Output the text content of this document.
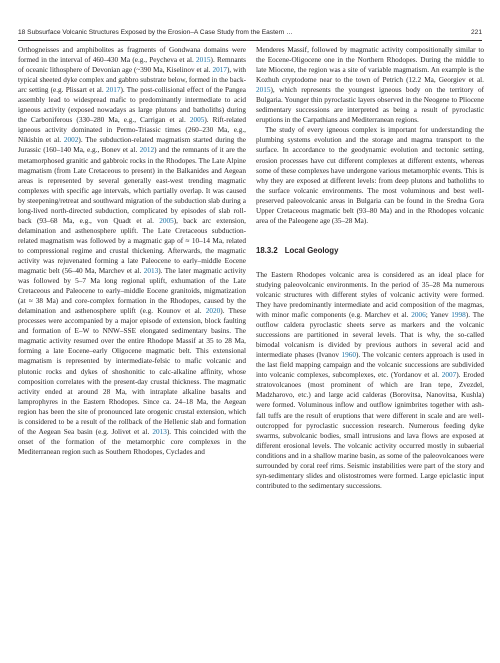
18 Subsurface Volcanic Structures Exposed by the Erosion–A Case Study from the Eastern …	221

Orthogneisses and amphibolites as fragments of Gondwana domains were formed in the interval of 460–430 Ma (e.g., Peycheva et al. 2015). Remnants of oceanic lithosphere of Devonian age (~390 Ma, Kiselinov et al. 2017), with typical sheeted dyke complex and gabbro substrate below, formed in the back-arc setting (e.g. Plissart et al. 2017). The post-collisional effect of the Pangea assembly lead to widespread mafic to predominantly intermediate to acid igneous activity (exposed nowadays as large plutons and batholiths) during the Carboniferous (330–280 Ma, e.g., Carrigan et al. 2005). Rift-related igneous activity dominated in Permo-Triassic times (260–230 Ma, e.g., Nikishin et al. 2002). The subduction-related magmatism started during the Jurassic (160–140 Ma, e.g., Bonev et al. 2012) and the remnants of it are the metamorphosed granitic and gabbroic rocks in the Rhodopes. The Late Alpine magmatism (from Late Cretaceous to present) in the Balkanides and Aegean areas is represented by several generally east-west trending magmatic complexes with specific age intervals, which partially overlap. It was caused by steepening/retreat and southward migration of the subduction slab during a long-lived north-directed subduction, complicated by episodes of slab roll-back (93–68 Ma, e.g., von Quadt et al. 2005), back arc extension, delamination and asthenosphere uplift. The Late Cretaceous subduction-related magmatism was followed by a magmatic gap of ≈ 10–14 Ma, related to compressional regime and crustal thickening. Afterwards, the magmatic activity was rejuvenated forming a late Paleocene to early–middle Eocene magmatic belt (56–40 Ma, Marchev et al. 2013). The later magmatic activity was followed by 5–7 Ma long regional uplift, exhumation of the Late Cretaceous and Paleocene to early–middle Eocene granitoids, migmatization (at ≈ 38 Ma) and core-complex formation in the Rhodopes, caused by the delamination and asthenosphere uplift (e.g. Kounov et al. 2020). These processes were accompanied by a major episode of extension, block faulting and formation of E–W to NNW–SSE elongated sedimentary basins. The magmatic activity resumed over the entire Rhodope Massif at 35 to 28 Ma, forming a late Eocene–early Oligocene magmatic belt. This extensional magmatism is represented by intermediate-felsic to mafic volcanic and plutonic rocks and dykes of shoshonitic to calc-alkaline affinity, whose composition correlates with the present-day crustal thickness. The magmatic activity ended at around 28 Ma, with intraplate alkaline basalts and lamprophyres in the Eastern Rhodopes. Since ca. 24–18 Ma, the Aegean region has been the site of pronounced late orogenic crustal extension, which is considered to be a result of the rollback of the Hellenic slab and formation of the Aegean Sea basin (e.g. Jolivet et al. 2013). This coincided with the onset of the formation of the metamorphic core complexes in the Mediterranean region such as Southern Rhodopes, Cyclades and

Menderes Massif, followed by magmatic activity compositionally similar to the Eocene-Oligocene one in the Northern Rhodopes. During the middle to late Miocene, the region was a site of variable magmatism. An example is the Kozhuh cryptodome near to the town of Petrich (12.2 Ma, Georgiev et al. 2015), which represents the youngest igneous body on the territory of Bulgaria. Younger thin pyroclastic layers observed in the Neogene to Pliocene sedimentary successions are interpreted as being a result of pyroclastic eruptions in the Carpathians and Mediterranean regions.

The study of every igneous complex is important for understanding the plumbing systems evolution and the storage and magma transport to the surface. In accordance to the geodynamic evolution and tectonic setting, erosion processes have cut different complexes at different extents, whereas some of these complexes have undergone various metamorphic events. This is why they are exposed at different levels: from deep plutons and batholiths to the surface volcanic environments. The most voluminous and best well-preserved paleovolcanic areas in Bulgaria can be found in the Sredna Gora Upper Cretaceous magmatic belt (93–80 Ma) and in the Rhodopes volcanic area of the Paleogene age (35–28 Ma).

18.3.2 Local Geology

The Eastern Rhodopes volcanic area is considered as an ideal place for studying paleovolcanic environments. In the period of 35–28 Ma numerous volcanic structures with different styles of volcanic activity were formed. They have predominantly intermediate and acid composition of the magmas, with minor mafic components (e.g. Marchev et al. 2006; Yanev 1998). The outflow caldera pyroclastic sheets serve as markers and the volcanic successions are partitioned in several levels. That is why, the so-called bimodal volcanism is divided by previous authors in several acid and intermediate phases (Ivanov 1960). The volcanic centers approach is used in the last field mapping campaign and the volcanic successions are subdivided into volcanic complexes, subcomplexes, etc. (Yordanov et al. 2007). Eroded stratovolcanoes (most prominent of which are Iran tepe, Zvezdel, Madzharovo, etc.) and large acid calderas (Borovitsa, Nanovitsa, Kushla) were formed. Voluminous inflow and outflow ignimbrites together with ash-fall tuffs are the result of eruptions that were different in scale and are well-outcropped for pyroclastic succession research. Numerous feeding dyke swarms, subvolcanic bodies, small intrusions and lava flows are exposed at different erosional levels. The volcanic activity occurred mostly in subaerial conditions and in a shallow marine basin, as some of the paleovolcanoes were surrounded by coral reef rims. Seismic instabilities were part of the story and syn-sedimentary slides and olistostromes were formed. Large epiclastic input contributed to the sedimentary successions.
